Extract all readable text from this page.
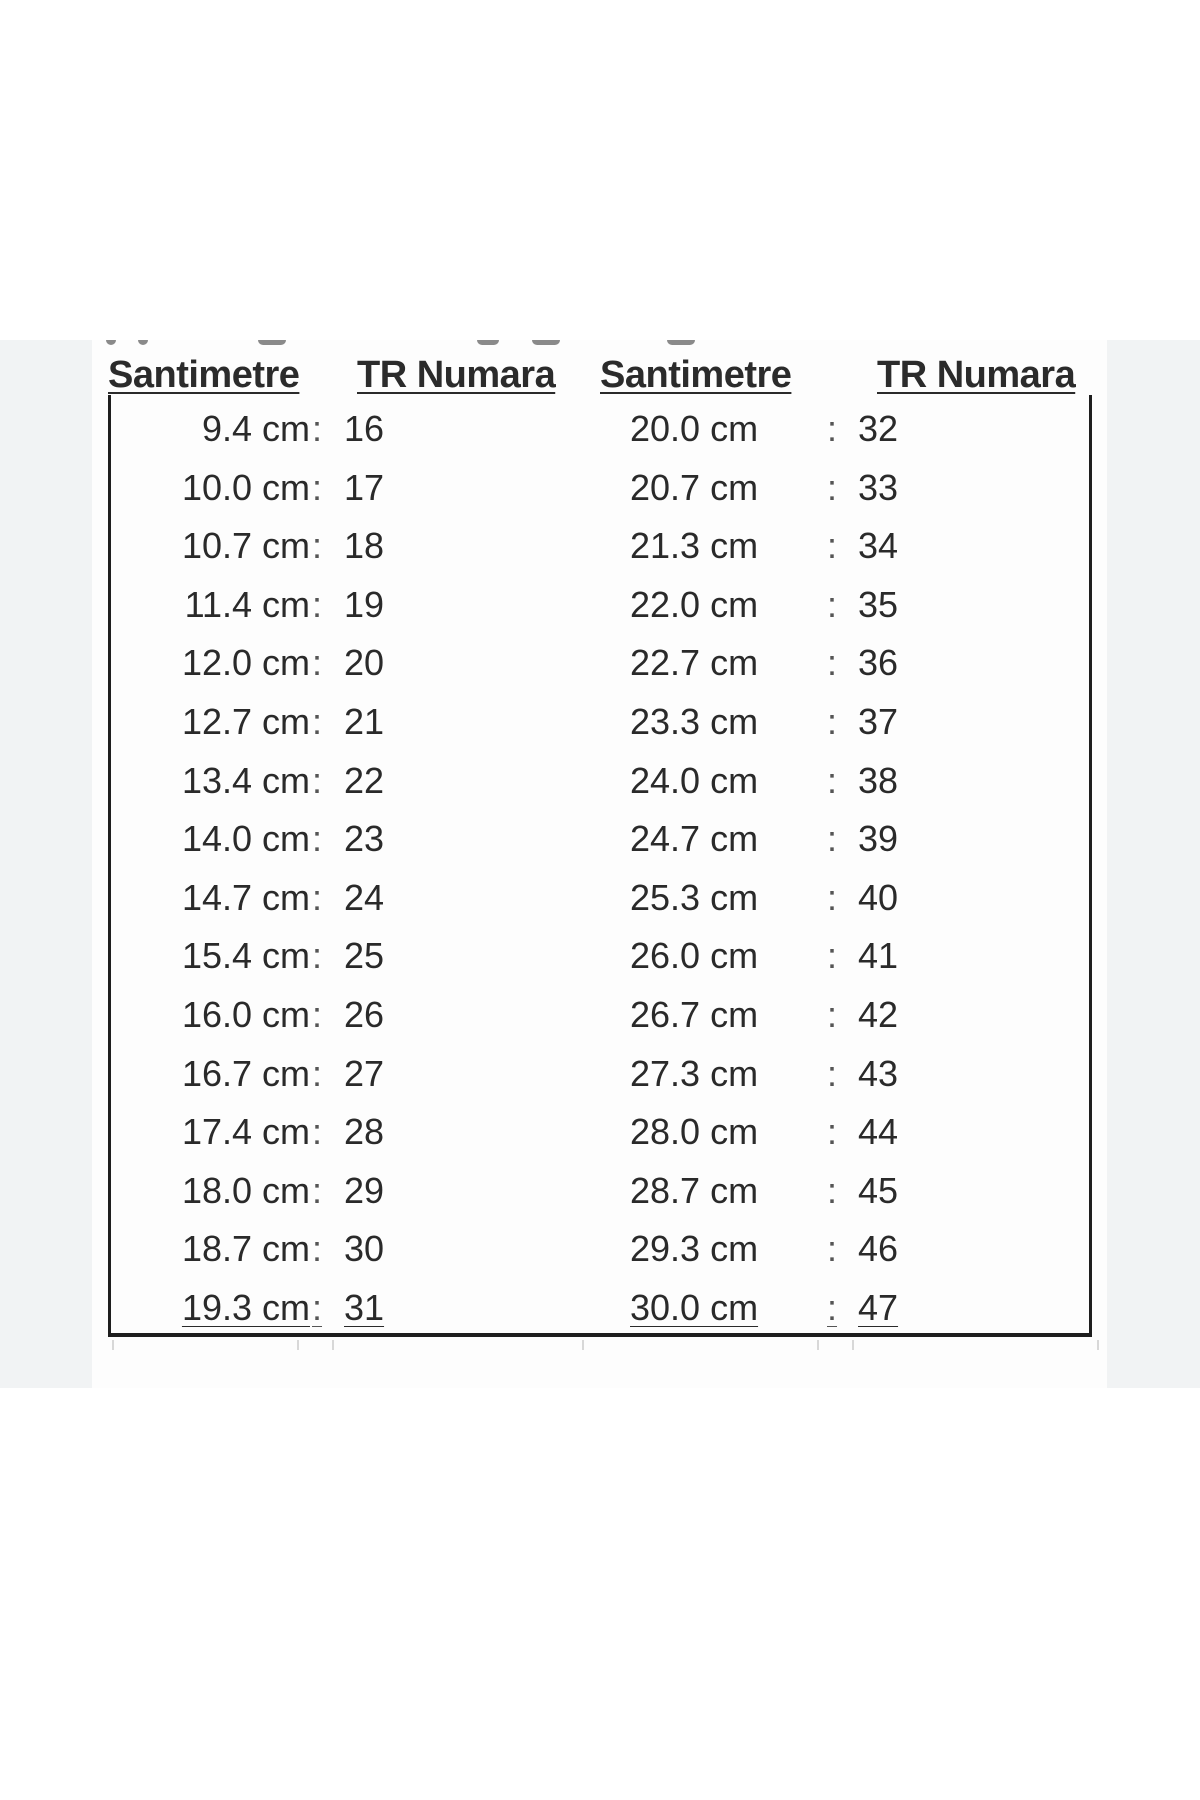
Santimetre TR Numara Santimetre TR Numara
9.4 cm : 16	20.0 cm : 32
10.0 cm : 17	20.7 cm : 33
10.7 cm : 18	21.3 cm : 34
11.4 cm : 19	22.0 cm : 35
12.0 cm : 20	22.7 cm : 36
12.7 cm : 21	23.3 cm : 37
13.4 cm : 22	24.0 cm : 38
14.0 cm : 23	24.7 cm : 39
14.7 cm : 24	25.3 cm : 40
15.4 cm : 25	26.0 cm : 41
16.0 cm : 26	26.7 cm : 42
16.7 cm : 27	27.3 cm : 43
17.4 cm : 28	28.0 cm : 44
18.0 cm : 29	28.7 cm : 45
18.7 cm : 30	29.3 cm : 46
19.3 cm : 31	30.0 cm : 47
